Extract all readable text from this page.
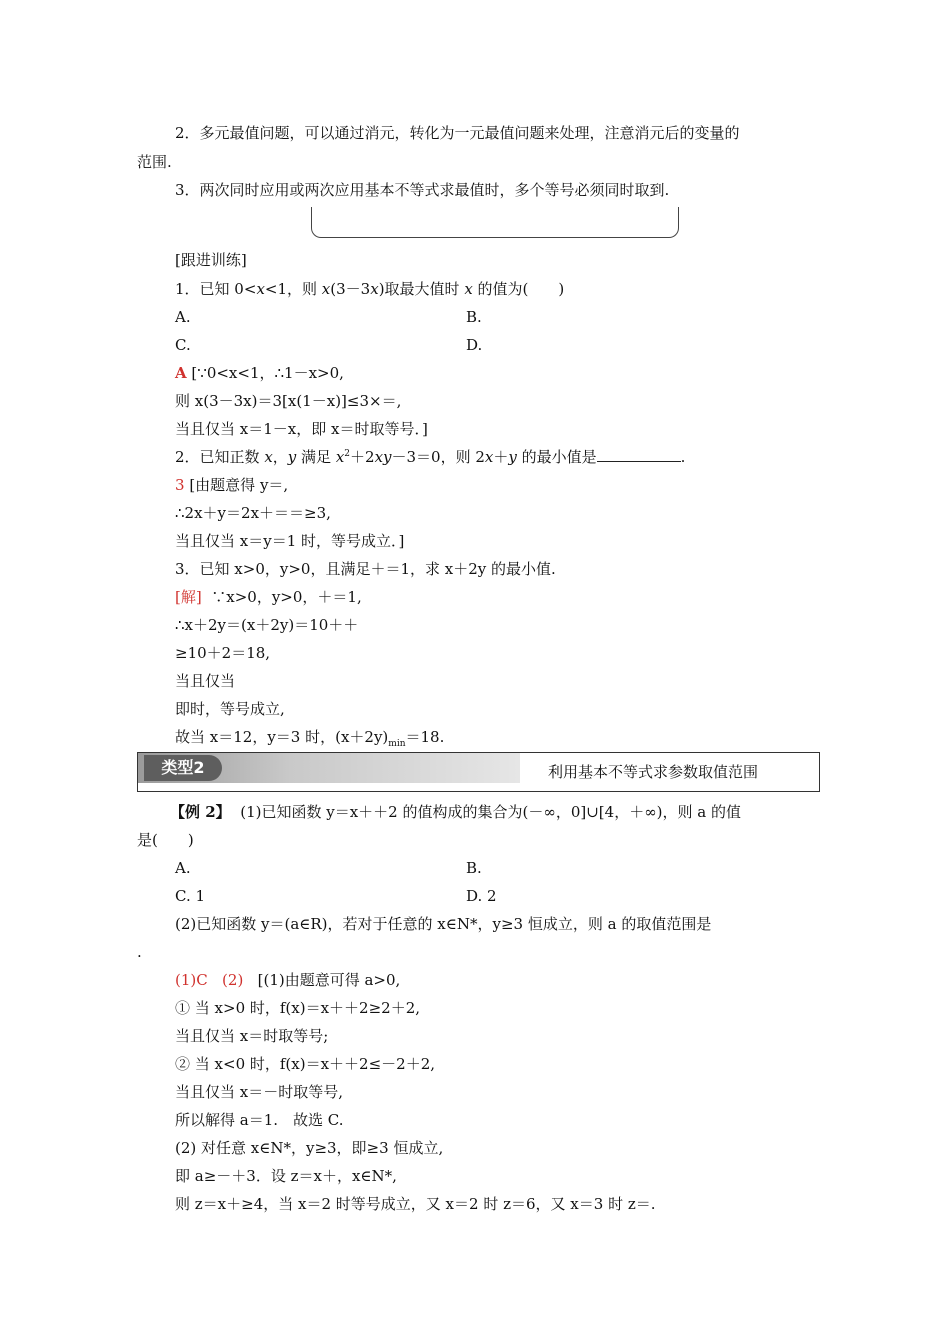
2．多元最值问题，可以通过消元，转化为一元最值问题来处理，注意消元后的变量的
范围.
3．两次同时应用或两次应用基本不等式求最值时，多个等号必须同时取到.
[跟进训练]
1．已知 0<x<1，则 x(3－3x)取最大值时 x 的值为(　　)
A.	B.
C.	D.
A [∵0<x<1，∴1－x>0,
则 x(3－3x)＝3[x(1－x)]≤3×＝,
当且仅当 x＝1－x，即 x＝时取等号．]
2．已知正数 x，y 满足 $x^2+2xy-3=0$，则 2x＋y 的最小值是	.
3 [由题意得 y＝,
∴2x＋y＝2x＋＝＝≥3,
当且仅当 x＝y＝1 时，等号成立．]
3．已知 x>0，y>0，且满足＋＝1，求 x＋2y 的最小值.
[解] ∵x>0，y>0，＋＝1,
∴x＋2y＝(x＋2y)＝10＋＋
≥10＋2＝18,
当且仅当
即时，等号成立,
故当 x＝12，y＝3 时，$(x+2y)_{min}=18$.
类型2	利用基本不等式求参数取值范围
【例 2】 (1)已知函数 y＝x＋＋2 的值构成的集合为(－∞，0]∪[4，＋∞)，则 a 的值
是(　　)
A.	B.
C. 1	D. 2
(2)已知函数 y＝(a∈R)，若对于任意的 x∈N*，y≥3 恒成立，则 a 的取值范围是
.
(1)C (2) [(1)由题意可得 a>0,
① 当 x>0 时，f(x)＝x＋＋2≥2＋2,
当且仅当 x＝时取等号;
② 当 x<0 时，f(x)＝x＋＋2≤－2＋2,
当且仅当 x＝－时取等号,
所以解得 a＝1.　故选 C.
(2) 对任意 x∈N*，y≥3，即≥3 恒成立,
即 a≥－＋3．设 z＝x＋，x∈N*,
则 z＝x＋≥4，当 x＝2 时等号成立，又 x＝2 时 z＝6，又 x＝3 时 z＝.
